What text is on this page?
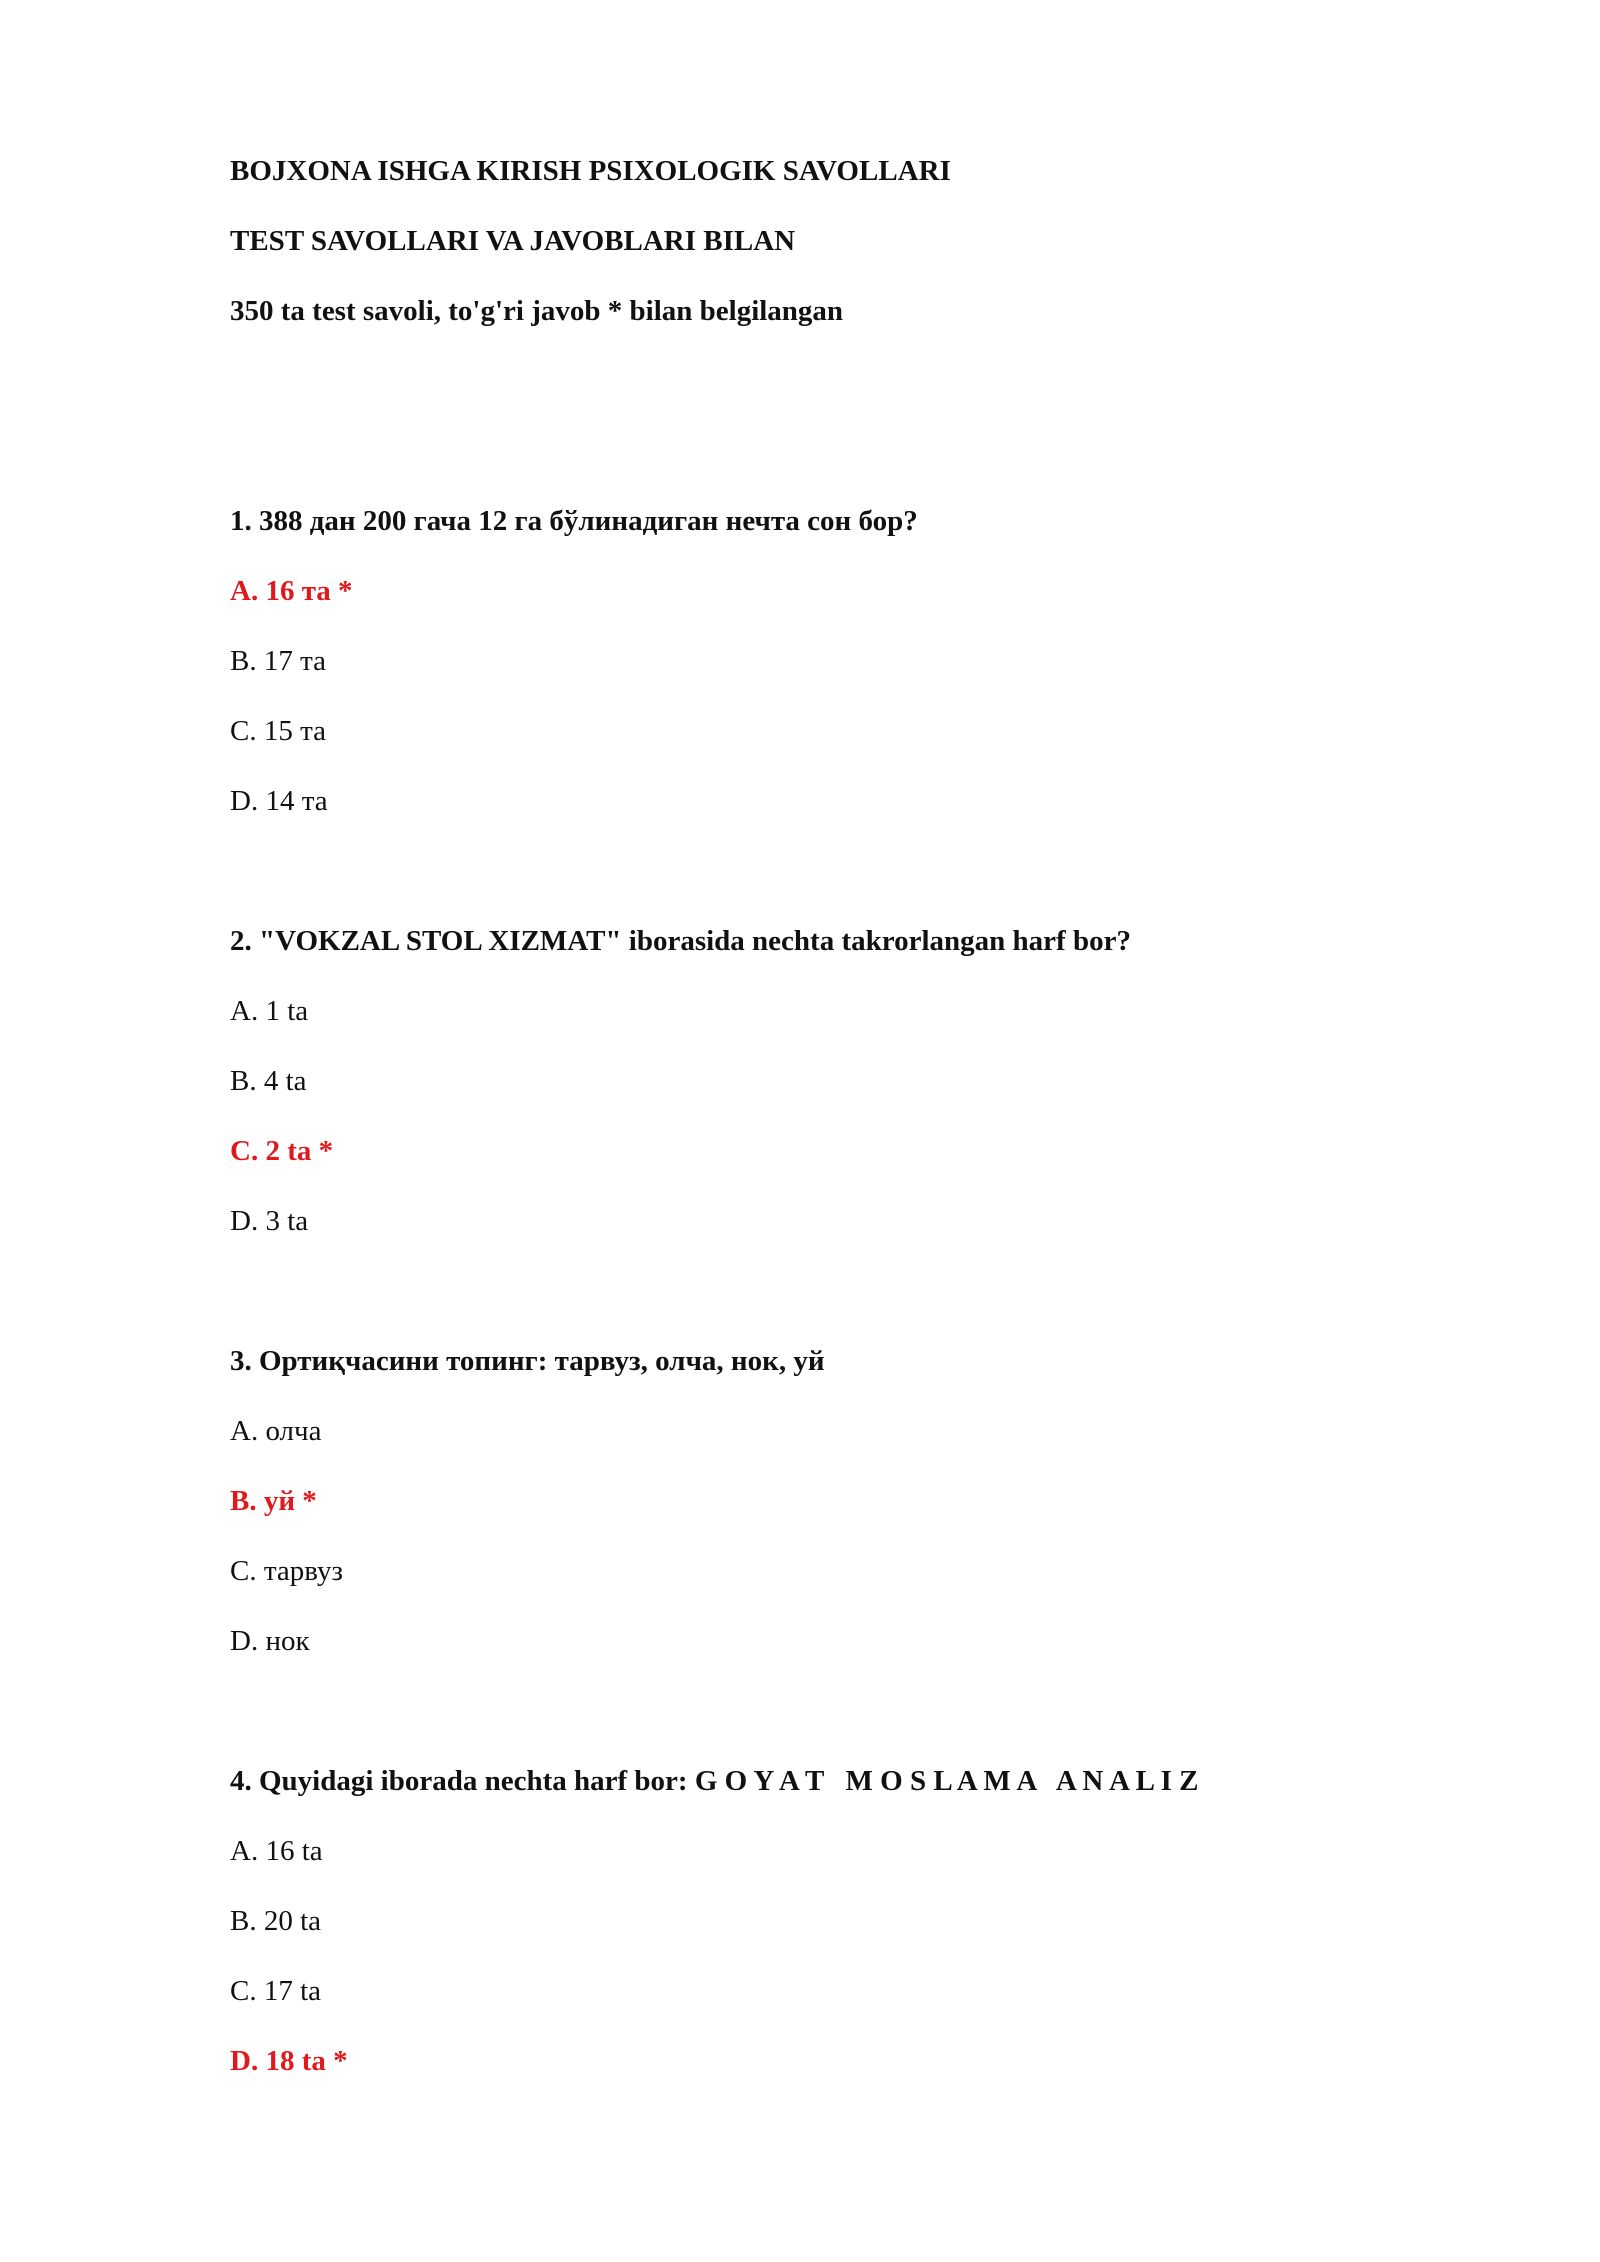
BOJXONA ISHGA KIRISH PSIXOLOGIK SAVOLLARI
TEST SAVOLLARI VA JAVOBLARI BILAN
350 ta test savoli, to'g'ri javob * bilan belgilangan
1. 388 дан 200 гача 12 га бўлинадиган нечта сон бор?
A. 16 та *
B. 17 та
C. 15 та
D. 14 та
2. "VOKZAL STOL XIZMAT" iborasida nechta takrorlangan harf bor?
A. 1 ta
B. 4 ta
C. 2 ta *
D. 3 ta
3. Ортиқчасини топинг: тарвуз, олча, нок, уй
A. олча
B. уй *
C. тарвуз
D. нок
4. Quyidagi iborada nechta harf bor: G O Y A T   M O S L A M A   A N A L I Z
A. 16 ta
B. 20 ta
C. 17 ta
D. 18 ta *
